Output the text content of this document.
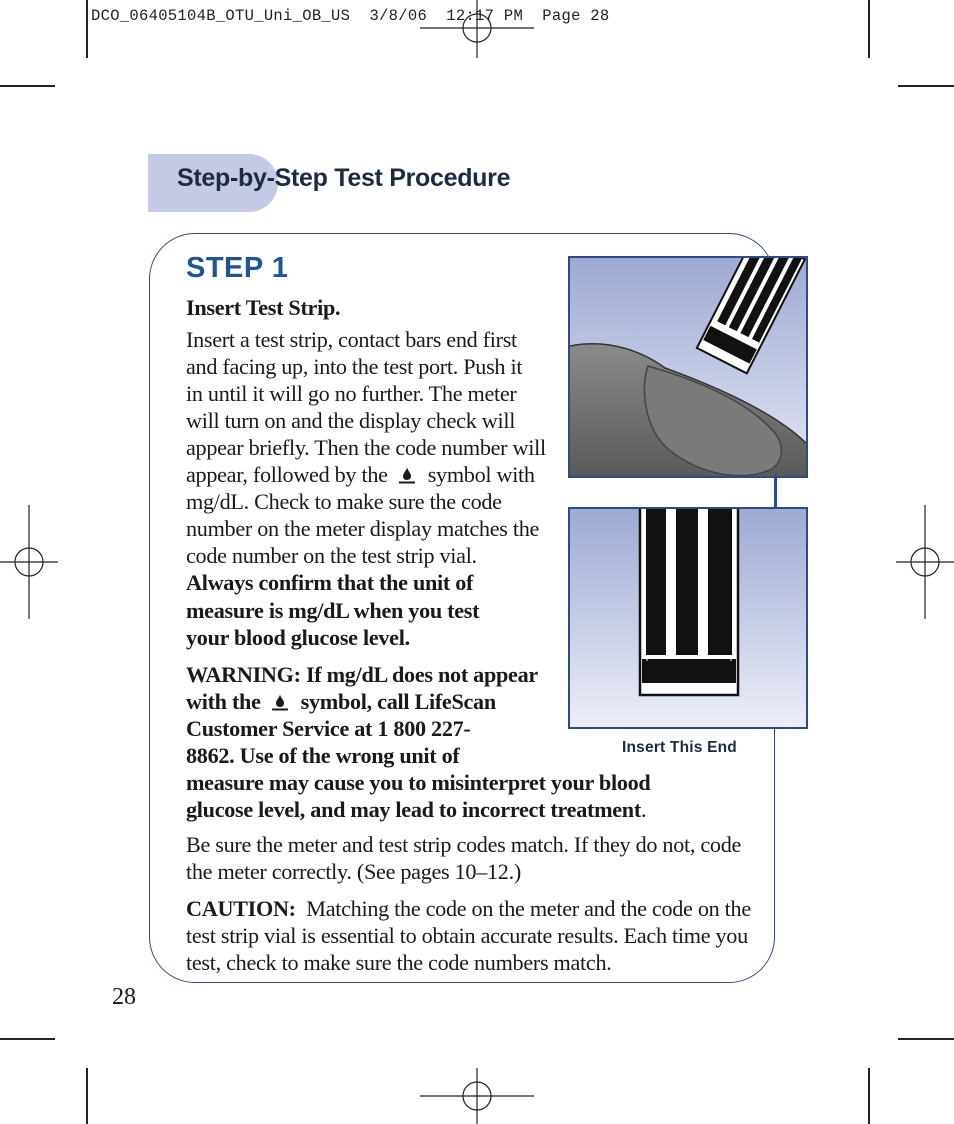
DCO_06405104B_OTU_Uni_OB_US  3/8/06  12:17 PM  Page 28
Step-by-Step Test Procedure
STEP 1
Insert Test Strip.
Insert a test strip, contact bars end first
and facing up, into the test port. Push it
in until it will go no further. The meter
will turn on and the display check will
appear briefly. Then the code number will
appear, followed by the symbol with
mg/dL. Check to make sure the code
number on the meter display matches the
code number on the test strip vial.
Always confirm that the unit of
measure is mg/dL when you test
your blood glucose level.
WARNING: If mg/dL does not appear
with the symbol, call LifeScan
Customer Service at 1 800 227-
8862. Use of the wrong unit of
measure may cause you to misinterpret your blood
glucose level, and may lead to incorrect treatment.
Be sure the meter and test strip codes match. If they do not, code
the meter correctly. (See pages 10–12.)
CAUTION: Matching the code on the meter and the code on the
test strip vial is essential to obtain accurate results. Each time you
test, check to make sure the code numbers match.
Insert This End
28
